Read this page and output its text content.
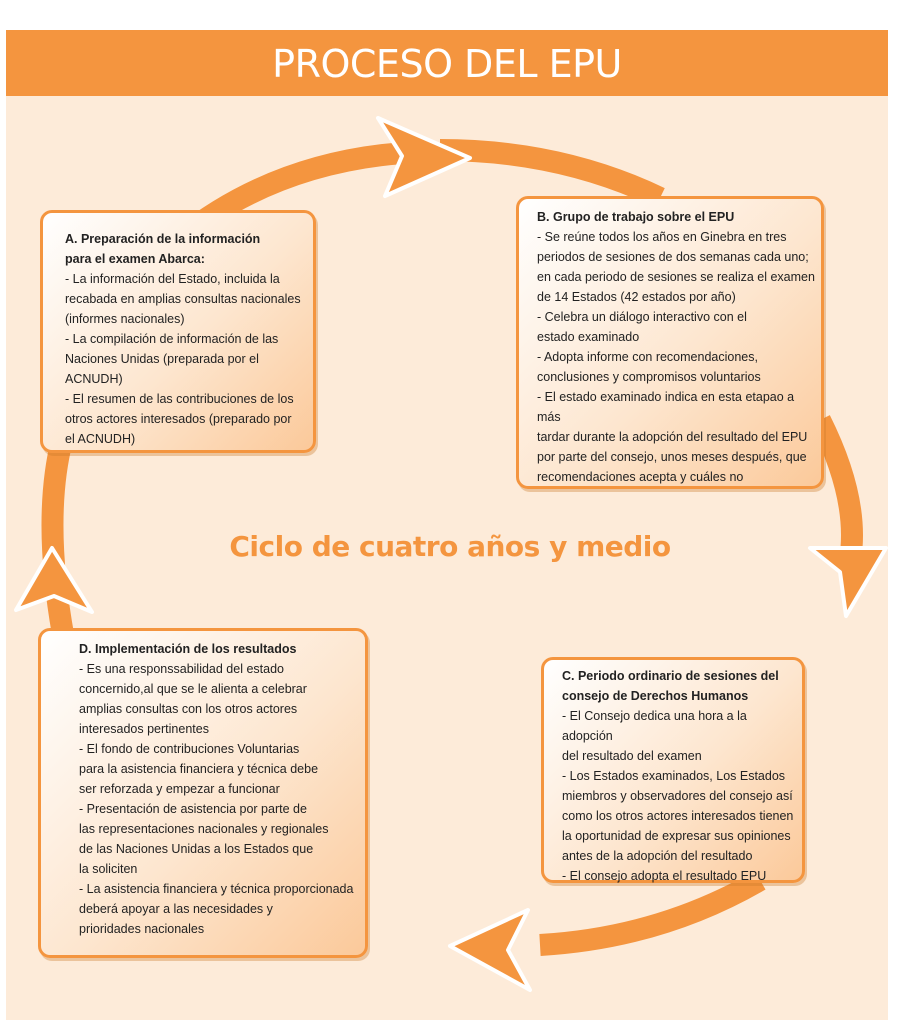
PROCESO DEL EPU
Ciclo de cuatro años y medio
A. Preparación de la información
para el examen Abarca:
- La información del Estado, incluida la
recabada en amplias consultas nacionales
(informes nacionales)
- La compilación de información de las
Naciones Unidas (preparada por el ACNUDH)
- El resumen de las contribuciones de los
otros actores interesados (preparado por
el ACNUDH)
B. Grupo de trabajo sobre el EPU
- Se reúne todos los años en Ginebra en tres
periodos de sesiones de dos semanas cada uno;
en cada periodo de sesiones se realiza el examen
de 14 Estados (42 estados por año)
- Celebra un diálogo interactivo con el
estado examinado
- Adopta informe con recomendaciones,
conclusiones y compromisos voluntarios
- El estado examinado indica en esta etapao a más
tardar durante la adopción del resultado del EPU
por parte del consejo, unos meses después, que
recomendaciones acepta y cuáles no
C. Periodo ordinario de sesiones del
consejo de Derechos Humanos
- El Consejo dedica una hora a la adopción
del resultado del examen
- Los Estados examinados, Los Estados
miembros y observadores del consejo así
como los otros actores interesados tienen
la oportunidad de expresar sus opiniones
antes de la adopción del resultado
- El consejo adopta el resultado EPU
D. Implementación de los resultados
- Es una responssabilidad del estado
concernido,al que se le alienta a celebrar
amplias consultas con los otros actores
interesados pertinentes
- El fondo de contribuciones Voluntarias
para la asistencia financiera y técnica debe
ser reforzada y empezar a funcionar
- Presentación de asistencia por parte de
las representaciones nacionales y regionales
de las Naciones Unidas a los Estados que
la soliciten
- La asistencia financiera y técnica proporcionada
deberá apoyar a las necesidades y
prioridades nacionales
